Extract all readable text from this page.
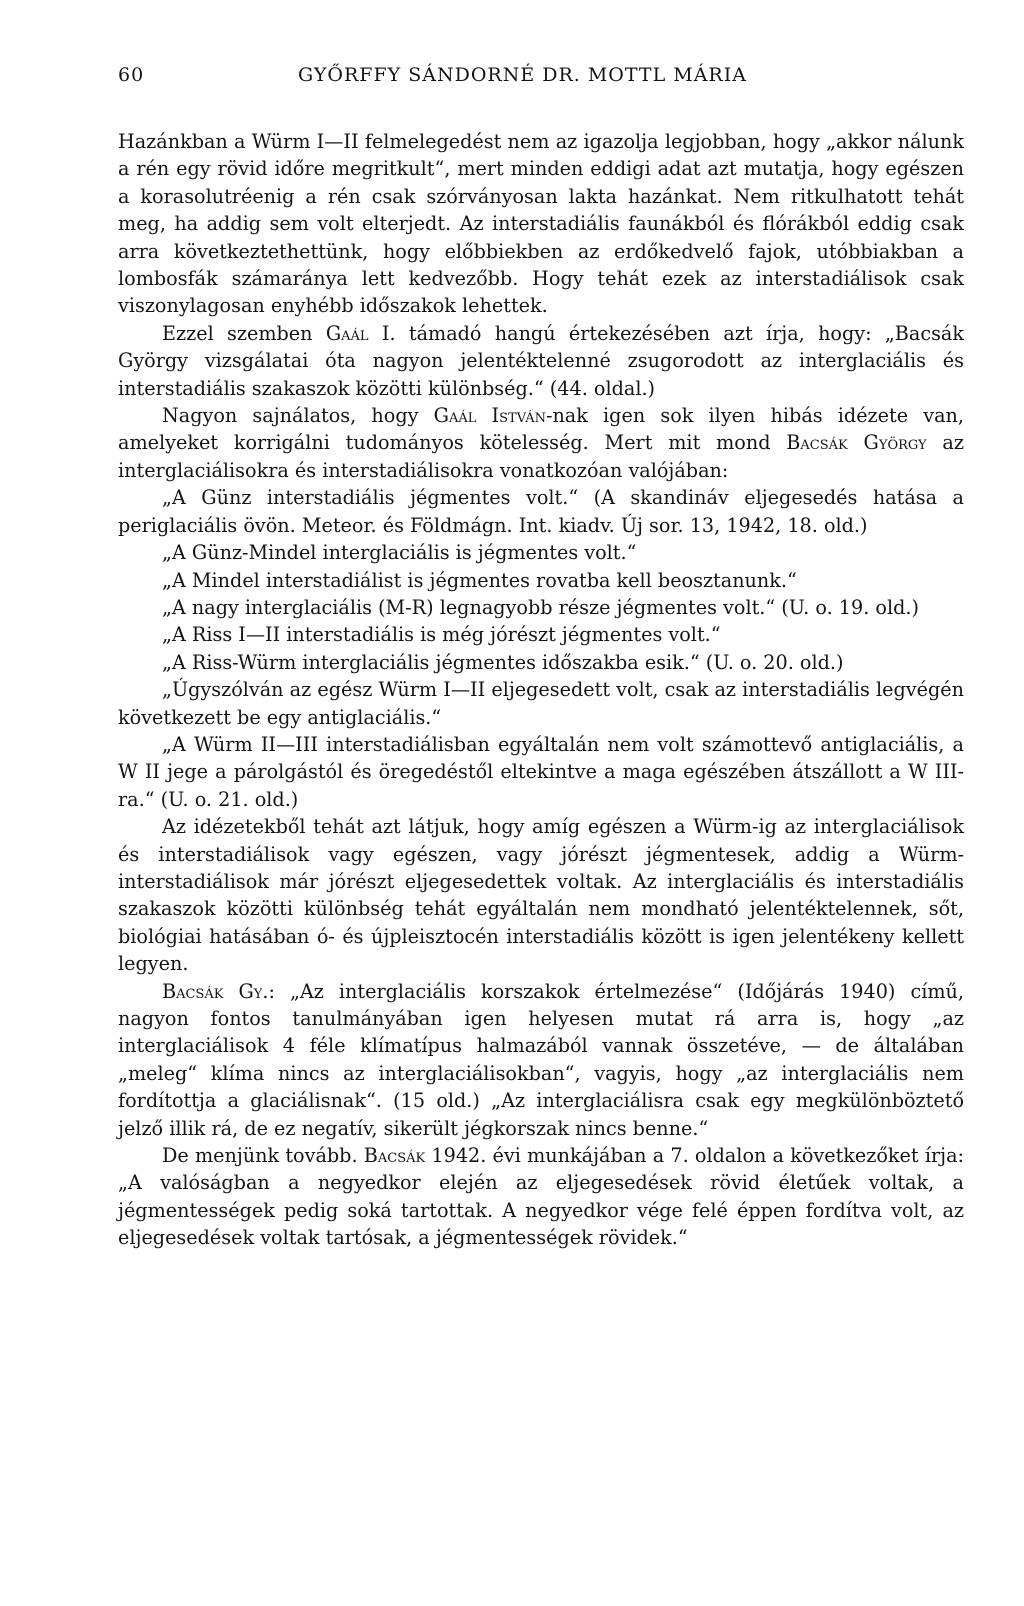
60	GYŐRFFY SÁNDORNÉ DR. MOTTL MÁRIA

Hazánkban a Würm I—II felmelegedést nem az igazolja legjobban, hogy „akkor nálunk a rén egy rövid időre megritkult“, mert minden eddigi adat azt mutatja, hogy egészen a korasolutréenig a rén csak szórványosan lakta hazánkat. Nem ritkulhatott tehát meg, ha addig sem volt elterjedt. Az interstadiális faunákból és flórákból eddig csak arra következtethettünk, hogy előbbiekben az erdőkedvelő fajok, utóbbiakban a lombosfák számaránya lett kedvezőbb. Hogy tehát ezek az interstadiálisok csak viszonylagosan enyhébb időszakok lehettek.

Ezzel szemben Gaál I. támadó hangú értekezésében azt írja, hogy: „Bacsák György vizsgálatai óta nagyon jelentéktelenné zsugorodott az interglaciális és interstadiális szakaszok közötti különbség.“ (44. oldal.)

Nagyon sajnálatos, hogy Gaál István-nak igen sok ilyen hibás idézete van, amelyeket korrigálni tudományos kötelesség. Mert mit mond Bacsák György az interglaciálisokra és interstadiálisokra vonatkozóan valójában:

„A Günz interstadiális jégmentes volt.“ (A skandináv eljegesedés hatása a periglaciális övön. Meteor. és Földmágn. Int. kiadv. Új sor. 13, 1942, 18. old.)

„A Günz-Mindel interglaciális is jégmentes volt.“

„A Mindel interstadiálist is jégmentes rovatba kell beosztanunk.“

„A nagy interglaciális (M-R) legnagyobb része jégmentes volt.“ (U. o. 19. old.)

„A Riss I—II interstadiális is még jórészt jégmentes volt.“

„A Riss-Würm interglaciális jégmentes időszakba esik.“ (U. o. 20. old.)

„Úgyszólván az egész Würm I—II eljegesedett volt, csak az interstadiális legvégén következett be egy antiglaciális.“

„A Würm II—III interstadiálisban egyáltalán nem volt számottevő antiglaciális, a W II jege a párolgástól és öregedéstől eltekintve a maga egészében átszállott a W III-ra.“ (U. o. 21. old.)

Az idézetekből tehát azt látjuk, hogy amíg egészen a Würm-ig az interglaciálisok és interstadiálisok vagy egészen, vagy jórészt jégmentesek, addig a Würm-interstadiálisok már jórészt eljegesedettek voltak. Az interglaciális és interstadiális szakaszok közötti különbség tehát egyáltalán nem mondható jelentéktelennek, sőt, biológiai hatásában ó- és újpleisztocén interstadiális között is igen jelentékeny kellett legyen.

Bacsák Gy.: „Az interglaciális korszakok értelmezése“ (Időjárás 1940) című, nagyon fontos tanulmányában igen helyesen mutat rá arra is, hogy „az interglaciálisok 4 féle klímatípus halmazából vannak összetéve, — de általában „meleg“ klíma nincs az interglaciálisokban“, vagyis, hogy „az interglaciális nem fordítottja a glaciálisnak“. (15 old.) „Az interglaciálisra csak egy megkülönböztető jelző illik rá, de ez negatív, sikerült jégkorszak nincs benne.“

De menjünk tovább. Bacsák 1942. évi munkájában a 7. oldalon a következőket írja: „A valóságban a negyedkor elején az eljegesedések rövid életűek voltak, a jégmentességek pedig soká tartottak. A negyedkor vége felé éppen fordítva volt, az eljegesedések voltak tartósak, a jégmentességek rövidek.“
